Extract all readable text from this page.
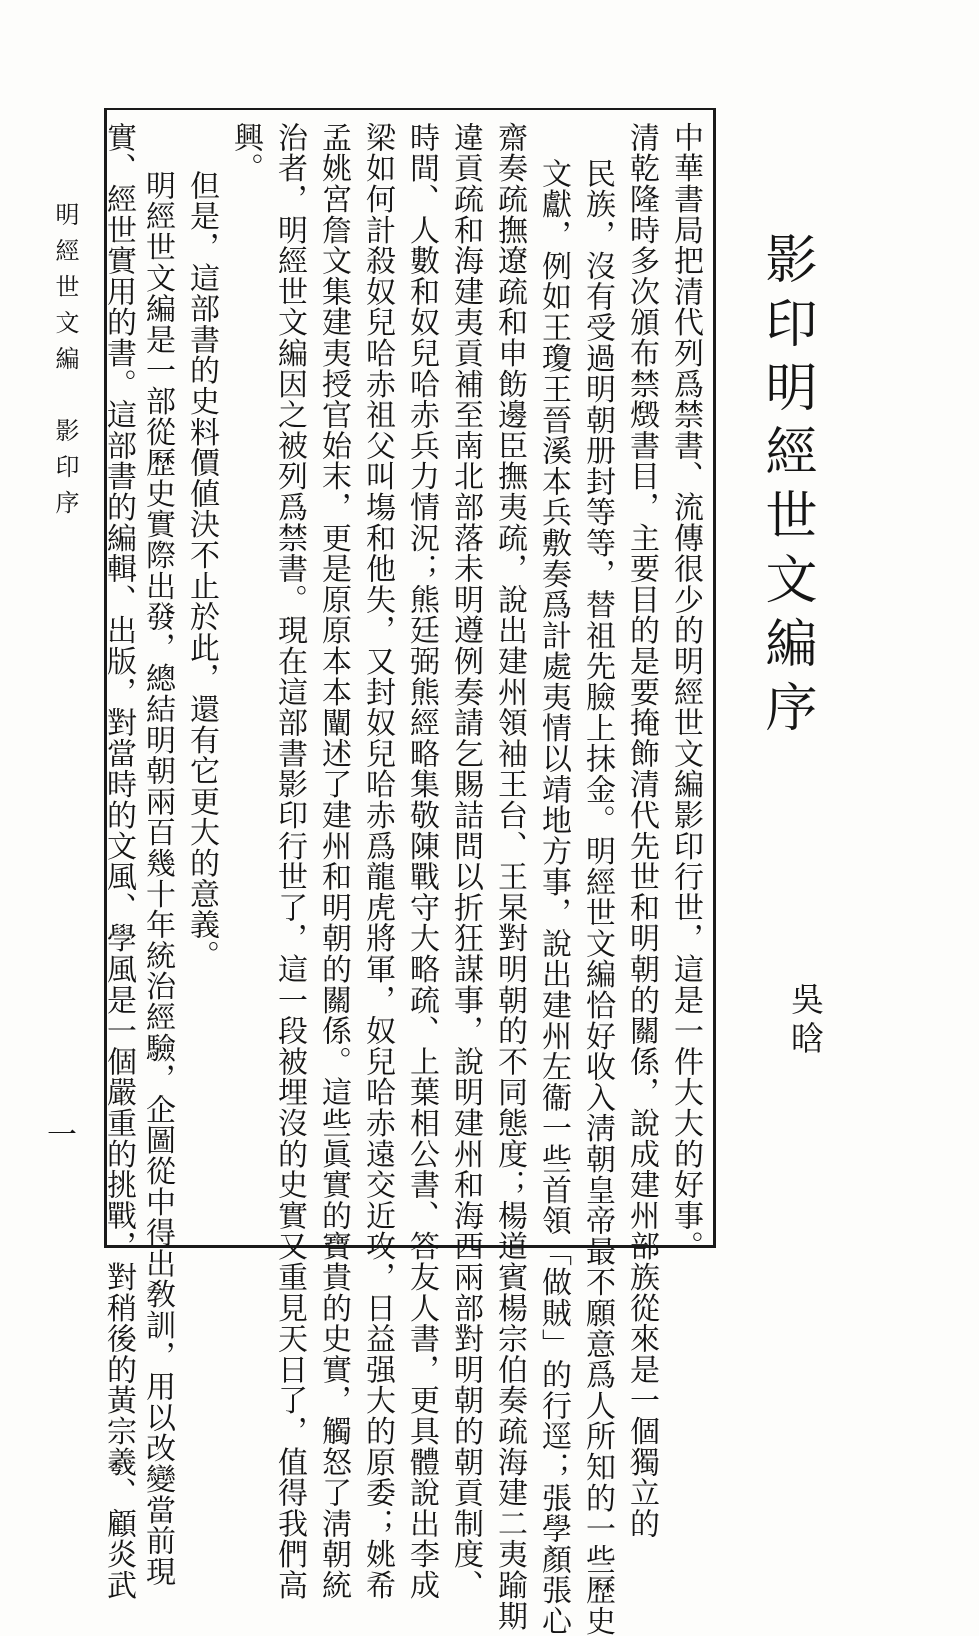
影印明經世文編序
吳晗
中華書局把清代列爲禁書、流傳很少的明經世文編影印行世，這是一件大大的好事。
清乾隆時多次頒布禁燬書目，主要目的是要掩飾清代先世和明朝的關係，說成建州部族從來是一個獨立的
民族，沒有受過明朝册封等等，替祖先臉上抹金。明經世文編恰好收入淸朝皇帝最不願意爲人所知的一些歷史
文獻，例如王瓊王晉溪本兵敷奏爲計處夷情以靖地方事，說出建州左衞一些首領「做賊」的行逕；張學顏張心
齋奏疏撫遼疏和申飭邊臣撫夷疏，說出建州領袖王台、王杲對明朝的不同態度；楊道賓楊宗伯奏疏海建二夷踰期
違貢疏和海建夷貢補至南北部落未明遵例奏請乞賜詰問以折狂謀事，說明建州和海西兩部對明朝的朝貢制度、
時間、人數和奴兒哈赤兵力情況；熊廷弼熊經略集敬陳戰守大略疏、上葉相公書、答友人書，更具體說出李成
梁如何計殺奴兒哈赤祖父叫塲和他失，又封奴兒哈赤爲龍虎將軍，奴兒哈赤遠交近攻，日益强大的原委；姚希
孟姚宮詹文集建夷授官始末，更是原原本本闡述了建州和明朝的關係。這些眞實的寶貴的史實，觸怒了淸朝統
治者，明經世文編因之被列爲禁書。現在這部書影印行世了，這一段被埋沒的史實又重見天日了，值得我們高
興。
但是，這部書的史料價値決不止於此，還有它更大的意義。
明經世文編是一部從歷史實際出發，總結明朝兩百幾十年統治經驗，企圖從中得出敎訓，用以改變當前現
實、經世實用的書。這部書的編輯、出版，對當時的文風、學風是一個嚴重的挑戰，對稍後的黃宗羲、顧炎武
明經世文編　影印序
一
